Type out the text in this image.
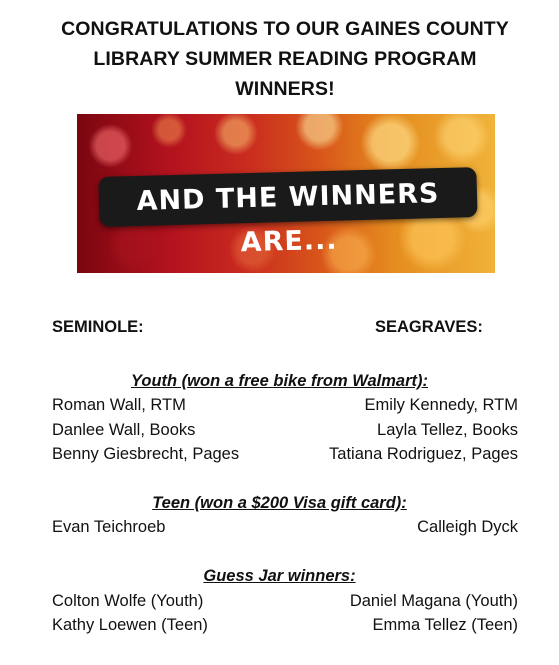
CONGRATULATIONS TO OUR GAINES COUNTY
LIBRARY SUMMER READING PROGRAM
WINNERS!
AND THE WINNERS ARE...
SEMINOLE:	SEAGRAVES:
Youth (won a free bike from Walmart):
Roman Wall, RTM	Emily Kennedy, RTM
Danlee Wall, Books	Layla Tellez, Books
Benny Giesbrecht, Pages	Tatiana Rodriguez, Pages
Teen (won a $200 Visa gift card):
Evan Teichroeb	Calleigh Dyck
Guess Jar winners:
Colton Wolfe (Youth)	Daniel Magana (Youth)
Kathy Loewen (Teen)	Emma Tellez (Teen)
